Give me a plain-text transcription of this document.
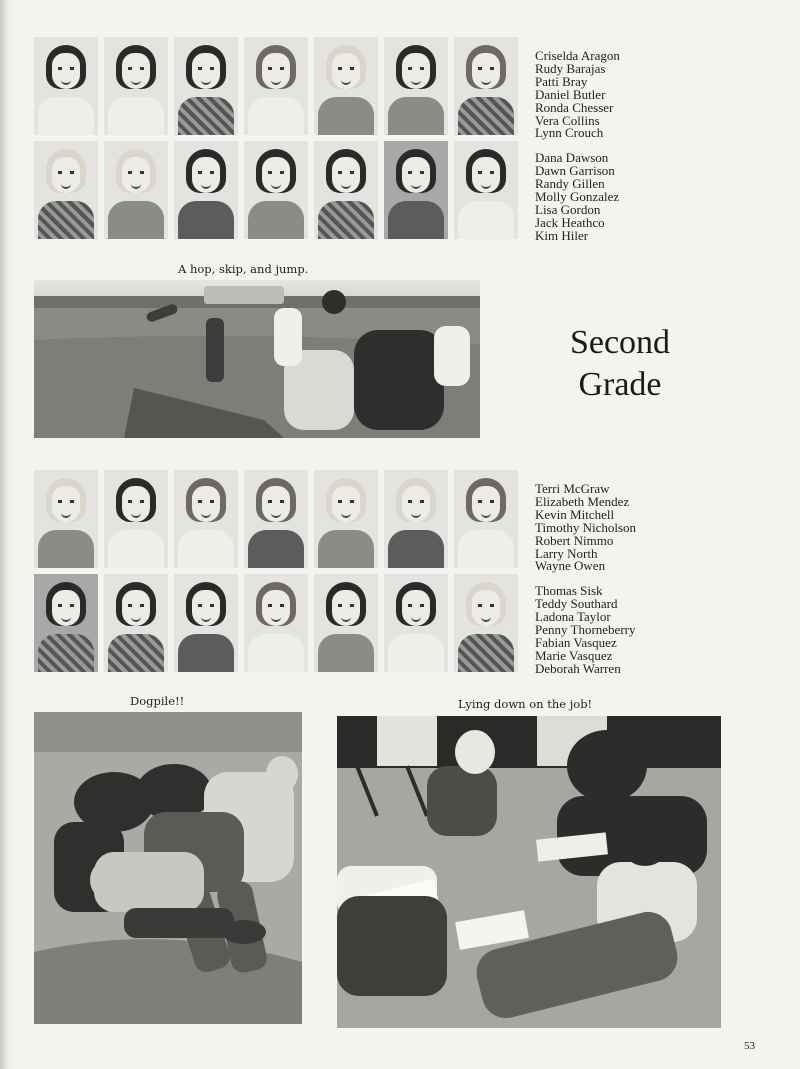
Criselda Aragon
Rudy Barajas
Patti Bray
Daniel Butler
Ronda Chesser
Vera Collins
Lynn Crouch
Dana Dawson
Dawn Garrison
Randy Gillen
Molly Gonzalez
Lisa Gordon
Jack Heathco
Kim Hiler
A hop, skip, and jump.
Second
Grade
Terri McGraw
Elizabeth Mendez
Kevin Mitchell
Timothy Nicholson
Robert Nimmo
Larry North
Wayne Owen
Thomas Sisk
Teddy Southard
Ladona Taylor
Penny Thorneberry
Fabian Vasquez
Marie Vasquez
Deborah Warren
Dogpile!!	Lying down on the job!
53
